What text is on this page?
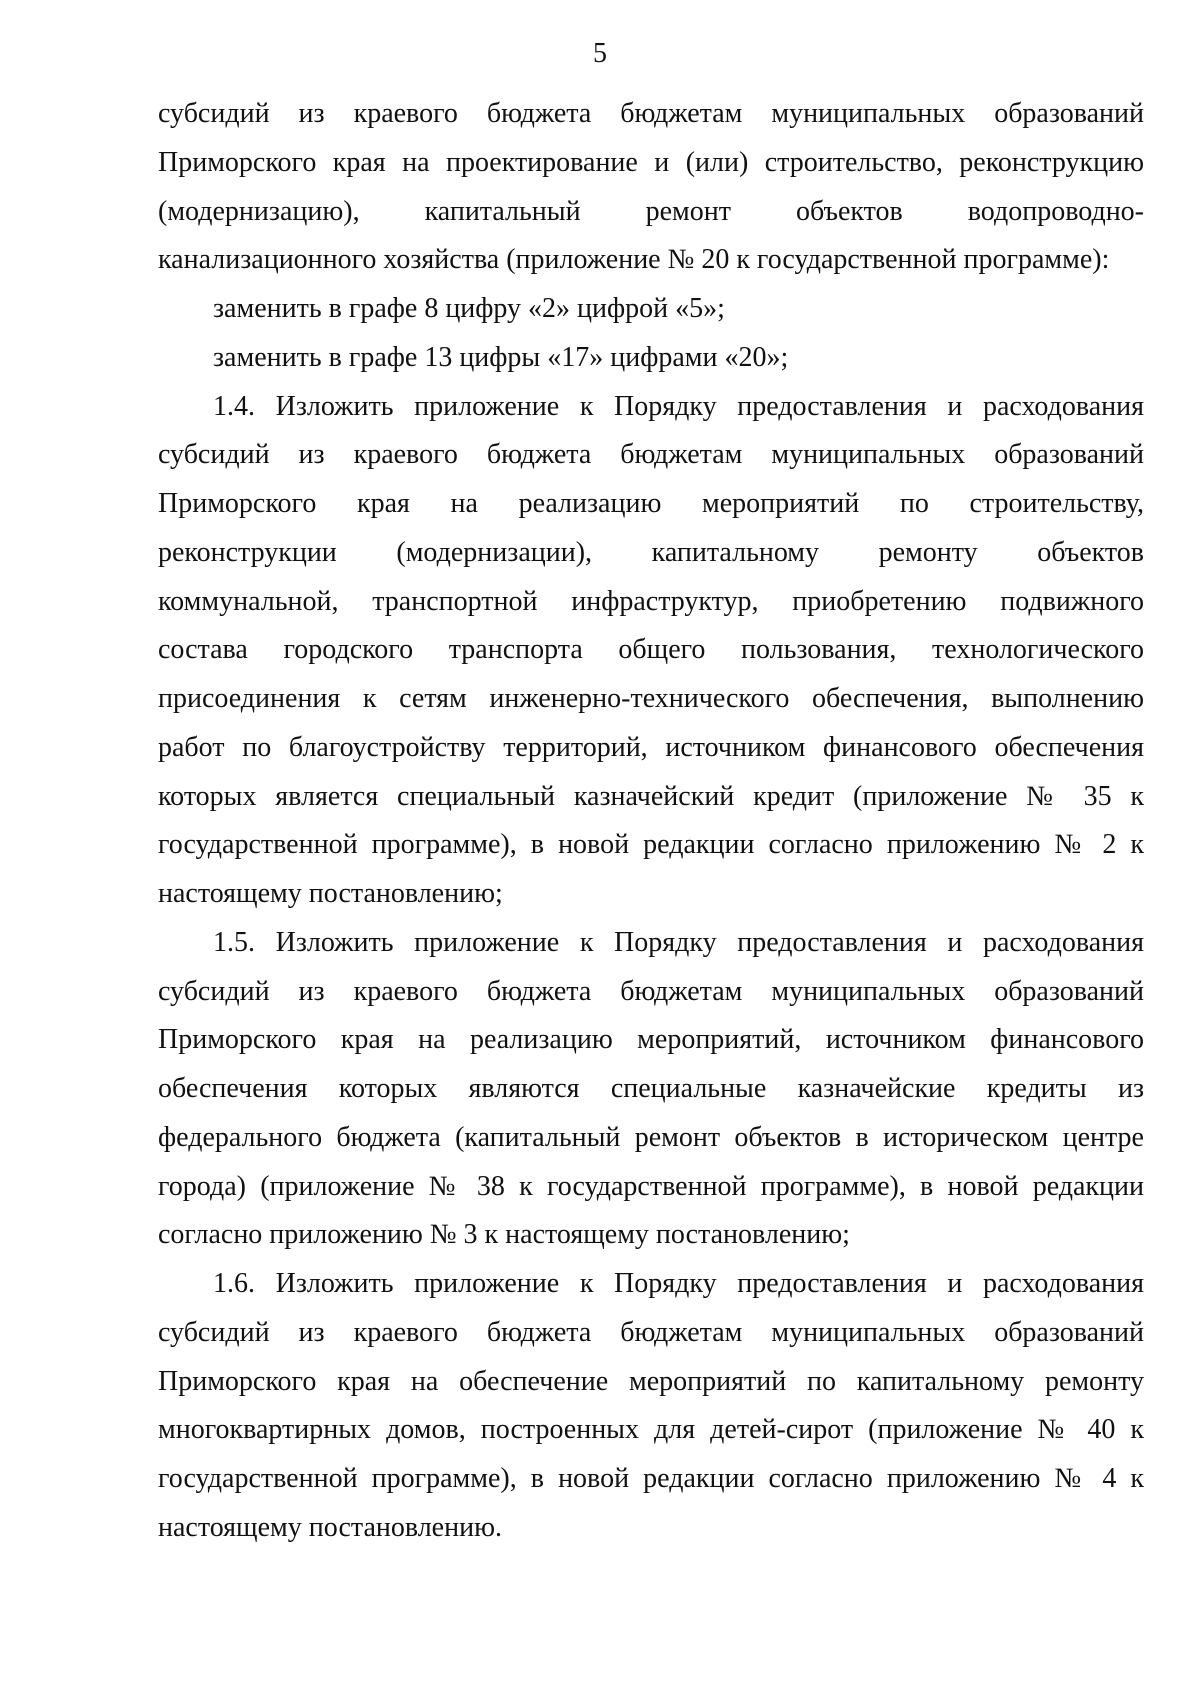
5
субсидий из краевого бюджета бюджетам муниципальных образований
Приморского края на проектирование и (или) строительство, реконструкцию
(модернизацию), капитальный ремонт объектов водопроводно-
канализационного хозяйства (приложение № 20 к государственной программе):
заменить в графе 8 цифру «2» цифрой «5»;
заменить в графе 13 цифры «17» цифрами «20»;
1.4. Изложить приложение к Порядку предоставления и расходования
субсидий из краевого бюджета бюджетам муниципальных образований
Приморского края на реализацию мероприятий по строительству,
реконструкции (модернизации), капитальному ремонту объектов
коммунальной, транспортной инфраструктур, приобретению подвижного
состава городского транспорта общего пользования, технологического
присоединения к сетям инженерно-технического обеспечения, выполнению
работ по благоустройству территорий, источником финансового обеспечения
которых является специальный казначейский кредит (приложение № 35 к
государственной программе), в новой редакции согласно приложению № 2 к
настоящему постановлению;
1.5. Изложить приложение к Порядку предоставления и расходования
субсидий из краевого бюджета бюджетам муниципальных образований
Приморского края на реализацию мероприятий, источником финансового
обеспечения которых являются специальные казначейские кредиты из
федерального бюджета (капитальный ремонт объектов в историческом центре
города) (приложение № 38 к государственной программе), в новой редакции
согласно приложению № 3 к настоящему постановлению;
1.6. Изложить приложение к Порядку предоставления и расходования
субсидий из краевого бюджета бюджетам муниципальных образований
Приморского края на обеспечение мероприятий по капитальному ремонту
многоквартирных домов, построенных для детей-сирот (приложение № 40 к
государственной программе), в новой редакции согласно приложению № 4 к
настоящему постановлению.
